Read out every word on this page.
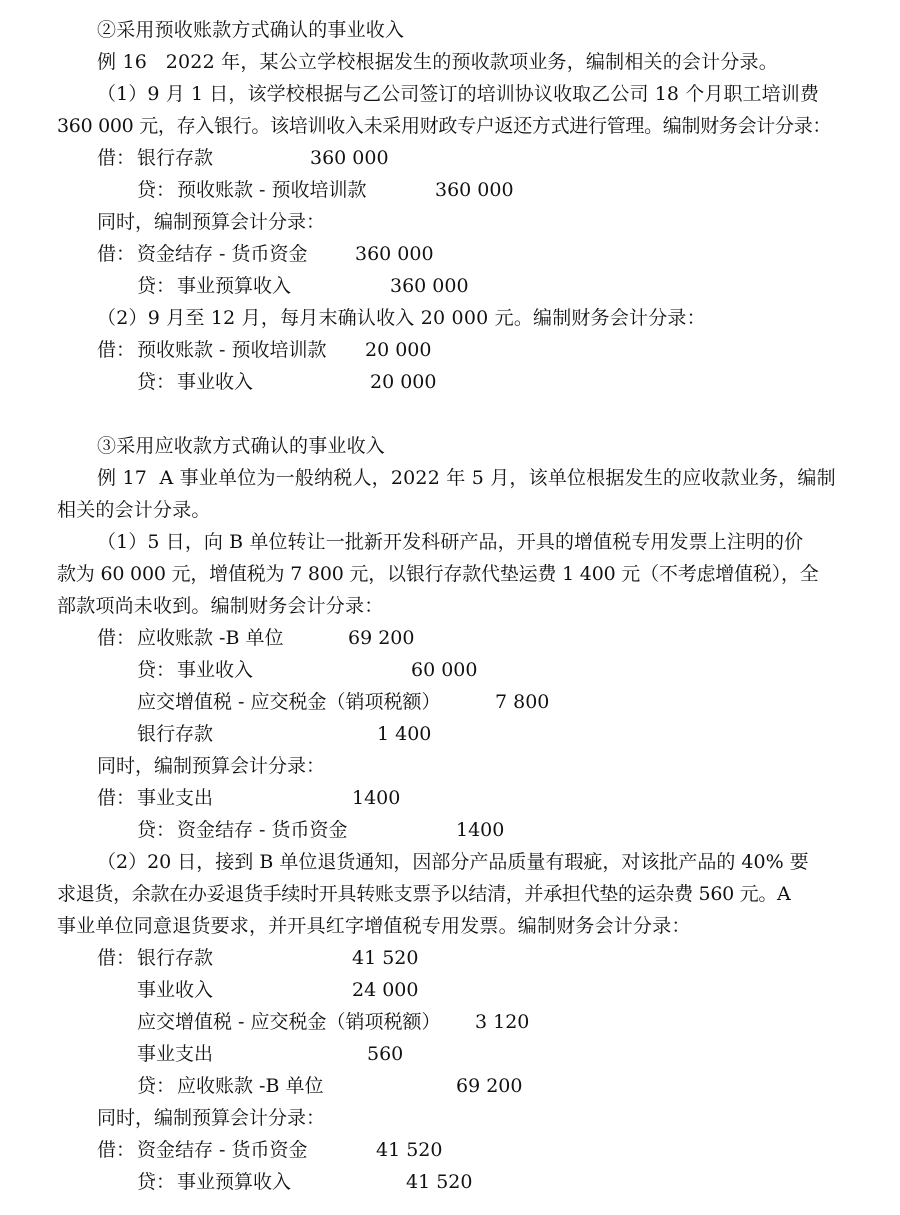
②采用预收账款方式确认的事业收入
例 16   2022 年，某公立学校根据发生的预收款项业务，编制相关的会计分录。
（1）9 月 1 日，该学校根据与乙公司签订的培训协议收取乙公司 18 个月职工培训费
360 000 元，存入银行。该培训收入未采用财政专户返还方式进行管理。编制财务会计分录：
借： 银行存款	360 000
贷： 预收账款 - 预收培训款	360 000
同时，编制预算会计分录：
借： 资金结存 - 货币资金	360 000
贷： 事业预算收入	360 000
（2）9 月至 12 月，每月末确认收入 20 000 元。编制财务会计分录：
借： 预收账款 - 预收培训款 20 000
贷： 事业收入	20 000
③采用应收款方式确认的事业收入
例 17  A 事业单位为一般纳税人，2022 年 5 月，该单位根据发生的应收款业务，编制
相关的会计分录。
（1）5 日，向 B 单位转让一批新开发科研产品，开具的增值税专用发票上注明的价
款为 60 000 元，增值税为 7 800 元，以银行存款代垫运费 1 400 元（不考虑增值税），全
部款项尚未收到。编制财务会计分录：
借： 应收账款 -B 单位	69 200
贷： 事业收入	60 000
应交增值税 - 应交税金（销项税额）	7 800
银行存款	1 400
同时，编制预算会计分录：
借： 事业支出	1400
贷： 资金结存 - 货币资金	1400
（2）20 日，接到 B 单位退货通知，因部分产品质量有瑕疵，对该批产品的 40% 要
求退货，余款在办妥退货手续时开具转账支票予以结清，并承担代垫的运杂费 560 元。A
事业单位同意退货要求，并开具红字增值税专用发票。编制财务会计分录：
借： 银行存款	41 520
事业收入	24 000
应交增值税 - 应交税金（销项税额） 3 120
事业支出	560
贷： 应收账款 -B 单位	69 200
同时，编制预算会计分录：
借： 资金结存 - 货币资金	41 520
贷： 事业预算收入	41 520
